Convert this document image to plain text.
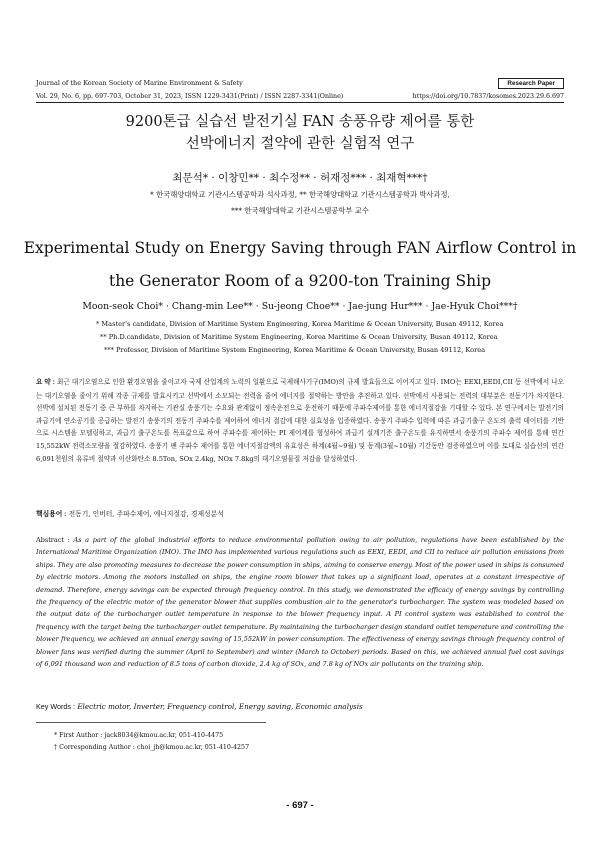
Journal of the Korean Society of Marine Environment & Safety	Research Paper
Vol. 29, No. 6, pp. 697-703, October 31, 2023, ISSN 1229-3431(Print) / ISSN 2287-3341(Online)	https://doi.org/10.7837/kosomes.2023.29.6.697
9200톤급 실습선 발전기실 FAN 송풍유량 제어를 통한
선박에너지 절약에 관한 실험적 연구
최문석* · 이창민** · 최수정** · 허재정*** · 최재혁***†
* 한국해양대학교 기관시스템공학과 석사과정, ** 한국해양대학교 기관시스템공학과 박사과정,
*** 한국해양대학교 기관시스템공학부 교수
Experimental Study on Energy Saving through FAN Airflow Control in
the Generator Room of a 9200-ton Training Ship
Moon-seok Choi* · Chang-min Lee** · Su-jeong Choe** · Jae-jung Hur*** · Jae-Hyuk Choi***†
* Master's candidate, Division of Maritime System Engineering, Korea Maritime & Ocean University, Busan 49112, Korea
** Ph.D.candidate, Division of Maritime System Engineering, Korea Maritime & Ocean University, Busan 49112, Korea
*** Professor, Division of Maritime System Engineering, Korea Maritime & Ocean University, Busan 49112, Korea
요 약 : 최근 대기오염으로 인한 환경오염을 줄이고자 국제 산업계의 노력의 일환으로 국제해사기구(IMO)의 규제 발효들으로 이어지고 있다. IMO는 EEXI,EEDI,CII 등 선박에서 나오는 대기오염을 줄이기 위해 각종 규제를 발효시키고 선박에서 소모되는 전력을 줄여 에너지를 절약하는 방안을 추진하고 있다. 선박에서 사용되는 전력의 대부분은 전동기가 차지한다. 선박에 설치된 전동기 중 큰 부하를 차지하는 기관실 송풍기는 수요와 관계없이 정속운전으로 운전하기 때문에 주파수제어를 통한 에너지절감을 기대할 수 있다. 본 연구에서는 발전기의 과급기에 연소공기를 공급하는 발전기 송풍기의 전동기 주파수를 제어하여 에너지 절감에 대한 실효성을 입증하였다. 송풍기 주파수 입력에 따른 과급기출구 온도의 출력 데이터를 기반으로 시스템을 모델링하고, 과급기 출구온도를 목표값으로 하여 주파수를 제어하는 PI 제어계를 형성하여 과급기 설계기준 출구온도를 유지하면서 송풍기의 주파수 제어를 통해 연간 15,552kW 전력소모량을 절감하였다. 송풍기 팬 주파수 제어를 통한 에너지절감액의 유효성은 하계(4월~9월) 및 동계(3월~10월) 기간동안 검증하였으며 이를 토대로 실습선의 연간 6,091천원의 유류비 절약과 이산화탄소 8.5Ton, SOx 2.4kg, NOx 7.8kg의 대기오염물질 저감을 달성하였다.
핵심용어 : 전동기, 인버터, 주파수제어, 에너지절감, 경제성분석
Abstract : As a part of the global industrial efforts to reduce environmental pollution owing to air pollution, regulations have been established by the International Maritime Organization (IMO). The IMO has implemented various regulations such as EEXI, EEDI, and CII to reduce air pollution emissions from ships. They are also promoting measures to decrease the power consumption in ships, aiming to conserve energy. Most of the power used in ships is consumed by electric motors. Among the motors installed on ships, the engine room blower that takes up a significant load, operates at a constant irrespective of demand. Therefore, energy savings can be expected through frequency control. In this study, we demonstrated the efficacy of energy savings by controlling the frequency of the electric motor of the generator blower that supplies combustion air to the generator's turbocharger. The system was modeled based on the output data of the turbocharger outlet temperature in response to the blower frequency input. A PI control system was established to control the frequency with the target being the turbocharger outlet temperature. By maintaining the turbocharger design standard outlet temperature and controlling the blower frequency, we achieved an annual energy saving of 15,552kW in power consumption. The effectiveness of energy savings through frequency control of blower fans was verified during the summer (April to September) and winter (March to October) periods. Based on this, we achieved annual fuel cost savings of 6,091 thousand won and reduction of 8.5 tons of carbon dioxide, 2.4 kg of SOx, and 7.8 kg of NOx air pollutants on the training ship.
Key Words : Electric motor, Inverter, Frequency control, Energy saving, Economic analysis
* First Author : jack8034@kmou.ac.kr, 051-410-4475
† Corresponding Author : choi_jh@kmou.ac.kr, 051-410-4257
- 697 -
